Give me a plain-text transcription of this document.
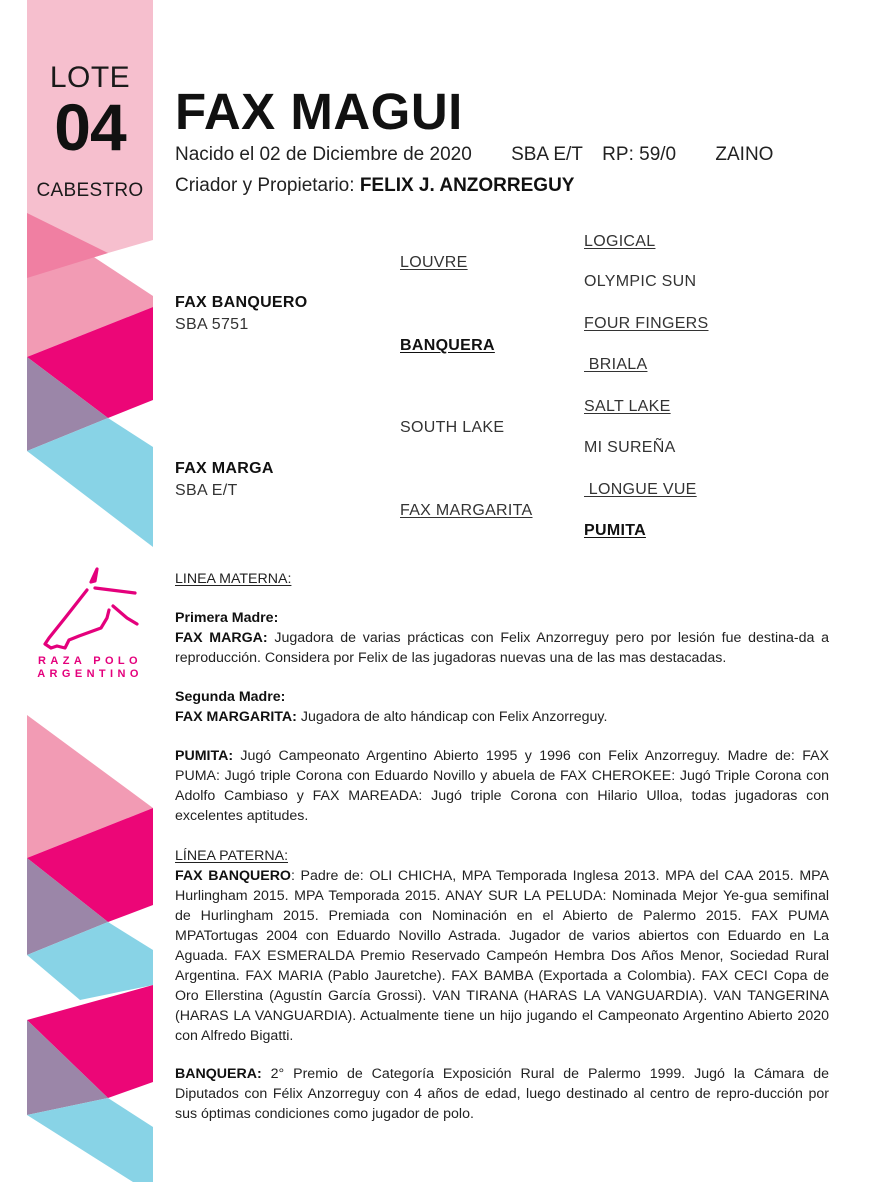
LOTE
04
CABESTRO
RAZA POLO
ARGENTINO
FAX MAGUI
Nacido el 02 de Diciembre de 2020 SBA E/T RP: 59/0 ZAINO
Criador y Propietario: FELIX J. ANZORREGUY
FAX BANQUERO
SBA 5751
FAX MARGA
SBA E/T
LOUVRE
BANQUERA
SOUTH LAKE
FAX MARGARITA
LOGICAL
OLYMPIC SUN
FOUR FINGERS
BRIALA
SALT LAKE
MI SUREÑA
LONGUE VUE
PUMITA
LINEA MATERNA:
Primera Madre:
FAX MARGA: Jugadora de varias prácticas con Felix Anzorreguy pero por lesión fue destina-da a reproducción. Considera por Felix de las jugadoras nuevas una de las mas destacadas.
Segunda Madre:
FAX MARGARITA: Jugadora de alto hándicap con Felix Anzorreguy.
PUMITA: Jugó Campeonato Argentino Abierto 1995 y 1996 con Felix Anzorreguy. Madre de: FAX PUMA: Jugó triple Corona con Eduardo Novillo y abuela de FAX CHEROKEE: Jugó Triple Corona con Adolfo Cambiaso y FAX MAREADA: Jugó triple Corona con Hilario Ulloa, todas jugadoras con excelentes aptitudes.
LÍNEA PATERNA:
FAX BANQUERO: Padre de: OLI CHICHA, MPA Temporada Inglesa 2013. MPA del CAA 2015. MPA Hurlingham 2015. MPA Temporada 2015. ANAY SUR LA PELUDA: Nominada Mejor Ye-gua semifinal de Hurlingham 2015. Premiada con Nominación en el Abierto de Palermo 2015. FAX PUMA MPATortugas 2004 con Eduardo Novillo Astrada. Jugador de varios abiertos con Eduardo en La Aguada. FAX ESMERALDA Premio Reservado Campeón Hembra Dos Años Menor, Sociedad Rural Argentina. FAX MARIA (Pablo Jauretche). FAX BAMBA (Exportada a Colombia). FAX CECI Copa de Oro Ellerstina (Agustín García Grossi). VAN TIRANA (HARAS LA VANGUARDIA). VAN TANGERINA (HARAS LA VANGUARDIA). Actualmente tiene un hijo jugando el Campeonato Argentino Abierto 2020 con Alfredo Bigatti.
BANQUERA: 2° Premio de Categoría Exposición Rural de Palermo 1999. Jugó la Cámara de Diputados con Félix Anzorreguy con 4 años de edad, luego destinado al centro de repro-ducción por sus óptimas condiciones como jugador de polo.
